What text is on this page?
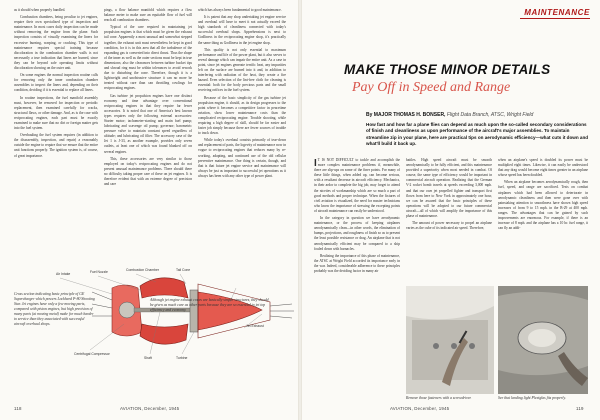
as it should when properly handled.

Combustion chambers, being peculiar to jet engines, require their own specialized type of inspection and maintenance. In most cases daily inspection can be made without removing the engine from the plane. Such inspection consists of visually examining the liners for excessive burning, warping, or cracking. This type of maintenance requires special training because discoloration in the combustion chamber walls is not necessarily a true indication that liners are burned, since they can be beyond safe operating limits without discoloration showing on the outer unit.

On some engines the normal inspection routine calls for removing only the inner combustion chamber assemblies to inspect the liners and, depending on their condition, deciding if it is essential to replace all liners.

In routine inspections, the fuel manifold assembly must, however, be removed for inspection or periodic replacement, then examined carefully for cracks, structural flaws, or other damage. And, as is the case with reciprocating engines, each part must be exactly examined to make sure that no dirt or foreign matter gets into the fuel system.

Overhauling the fuel system requires (in addition to the disassembly, inspection, and repair) a reasonably outside the engine to require that we ensure that the entire unit functions properly. The ignition system is, of course, of great importance.

pings, a flow balance manifold which requires a flow balance meter to make sure an equitable flow of fuel will reach all combustion chambers.

Typical of the care required in maintaining jet propulsion engines is that which must be given the exhaust tail cone. Apparently a most unusual and somewhat stepped together, the exhaust unit must nevertheless be kept in good condition, for it is in this area that all the turbulence of the expanding gas is converted into direct thrust. Thus the shape of the inner as well as the outer sections must be kept in true dimensions; also the clearances between turbine bucket tips and shroud ring must be within tolerances to avoid rework due to disturbing the cone. Therefore, though it is a lightweight and unobtrusive structure it can no more be treated without care than can throttling cowlings for reciprocating engines.

Gas turbine jet propulsion engines have one distinct economy and time advantage over conventional reciprocating engines in that they require far fewer accessories. It is noted that one of America's best known types requires only the following external accessories: Starter motor; tachometer-starting and main fuel pump; lubricating and scavenge oil pump; governor; barometric pressure valve to maintain constant speed regardless of altitude; and lubricating oil filter. The accessory case of the Jet 1 is J-33, as another example, provides only seven outlets, at least one of which was found blanked off on several engines.

This, these accessories are very similar to those employed on today's reciprocating engines and do not present unusual maintenance problems. There should there no difficulty taking proper care of these on jet engines. It is therefore evident that with an extreme degree of precision and care

which has always been fundamental to good maintenance.

It is patent that any shop undertaking jet engine service and overhaul will have to meet it not actually exceed the high standards of cleanliness connected with today's successful overhaul shops. Apprehensions is next to Godliness in the reciprocating engine shop, it's practically the same thing as Godliness in the jet engine shop.

This quality is not only essential to maximum performance and life of the power plant, but it also serves to reveal damage which can impair the entire unit. As a case in point, since jet engines generate terrific heat, any impurities left on the surface are burned into it and, in addition to interfering with radiation of the heat, they create a fire hazard. Even selection of the lint-free cloth for cleaning is essential: both for the body precious parts and the small receiving orifices in the fuel system.

Because of the basic simplicity of the gas turbine jet propulsion engine, it should, as its design progresses to the point where it becomes a competitive factor in peacetime aviation, show lower maintenance costs than the complicated reciprocating engine. Trouble shooting, while requiring a high degree of skill, should be far easier and faster job simply because there are fewer sources of trouble to track down.

While today's overhaul consists primarily of tear-down and replacement of parts, the logevity of maintenance now in vogue to reciprocating engines that reduces many by re-working, adapting, and continued use of the old cellular preventive maintenance. One thing is certain, though, and that is that future jet engine service and maintenance will always be just as important to successful jet operations as it always has been with any other type of power plant.

Cross section indicating basic principle of GE Supercharger which powers Lockheed P-80 Shooting Star. Jet engines have only a few moving parts, compared with piston engines, but high precision of many parts (at moving metal) make for much harder to service than they associated with successful aircraft overhaul shops.
Air Intake	Fuel Nozzle	Combustion Chamber	Tail Cone
Jet Exhaust
Centrifugal Compressor
Turbine
Shaft
Although jet engine exhaust cones are basically simple structures, they should be given as much care as other parts because they are so essential to jet top efficiency and economy.
118	AVIATION, December, 1945
MAINTENANCE
MAKE THOSE MINOR DETAILS
Pay Off in Speed and Range
By MAJOR THOMAS H. BONSER, Flight Data Branch, ATSC, Wright Field
How fast and how far a plane flies can depend as much upon the so-called secondary considerations of finish and cleanliness as upon performance of the aircraft's major assemblies. To maintain streamline zip in your plane, here are practical tips on aerodynamic efficiency—what cuts it down and what'll build it back up.

I T IS NOT DIFFICULT to tackle and accomplish the more complex maintenance problems if, meanwhile, there are slip-ups on some of the finer points. For many of these little things, when added up, can become serious, with a resultant decrease in aircraft efficiency. Mechanics, in their ardor to complete the big job, may forget to attend the niceties of workmanship which are so much a part of good methods and proper technique. When the fixtures of civil aviation is visualized, the need for master technicians who know the importance of stressing the excepting points of aircraft maintenance can easily be understood.

In the category in question we have aerodynamic maintenance, or the process of keeping airplanes aerodynamically clean—in other words, the elimination of bumps, projections, and roughness of finish so as to present the least possible resistance or drag. An airplane that is not aerodynamically efficient may be compared to a ship fouled down with barnacles.

Realizing the importance of this phase of maintenance, the ATSC at Wright Field accorded its importance early in the war. Indeed, considerable adherence to these principles probably was the deciding factor in many air

battles. High speed aircraft must be smooth aerodynamically to be fully efficient, and this maintenance provided a superiority when most needed in combat. Of course, the same type of efficiency would be important in commercial aircraft operation. Realizing that the German V-2 rocket bomb travels at speeds exceeding 3,000 mph. and that our own jet propelled fighter and transport first flown from here to New York in approximately one hour, we can be assured that the basic principles of these operations will be adopted to our future commercial aircraft—all of which will amplify the importance of this phase of maintenance.

The amount of power necessary to propel an airplane varies as the cube of its indicated air speed. Therefore,

when an airplane's speed is doubled its power must be multiplied eight times. Likewise, it can easily be understood that any drag would become eight times greater in an airplane whose speed has been doubled.

When an airplane becomes aerodynamically rough, then fuel, speed, and range are sacrificed. Tests on combat airplanes which had been allowed to deteriorate in aerodynamic cleanliness and then were gone over with painstaking attention to smoothness have shown high speed increases of from 9 to 15 mph. in the B-29 at 400 mph. ranges. The advantages that can be gained by such improvements are enormous. For example, if there is an increase of 8 mph. and the airplane has a 10 hr. fuel range, it can fly an addi-

Remove those fasteners with a screwdriver.	See that landing light Plexiglas fits properly.
AVIATION, December, 1945	119
